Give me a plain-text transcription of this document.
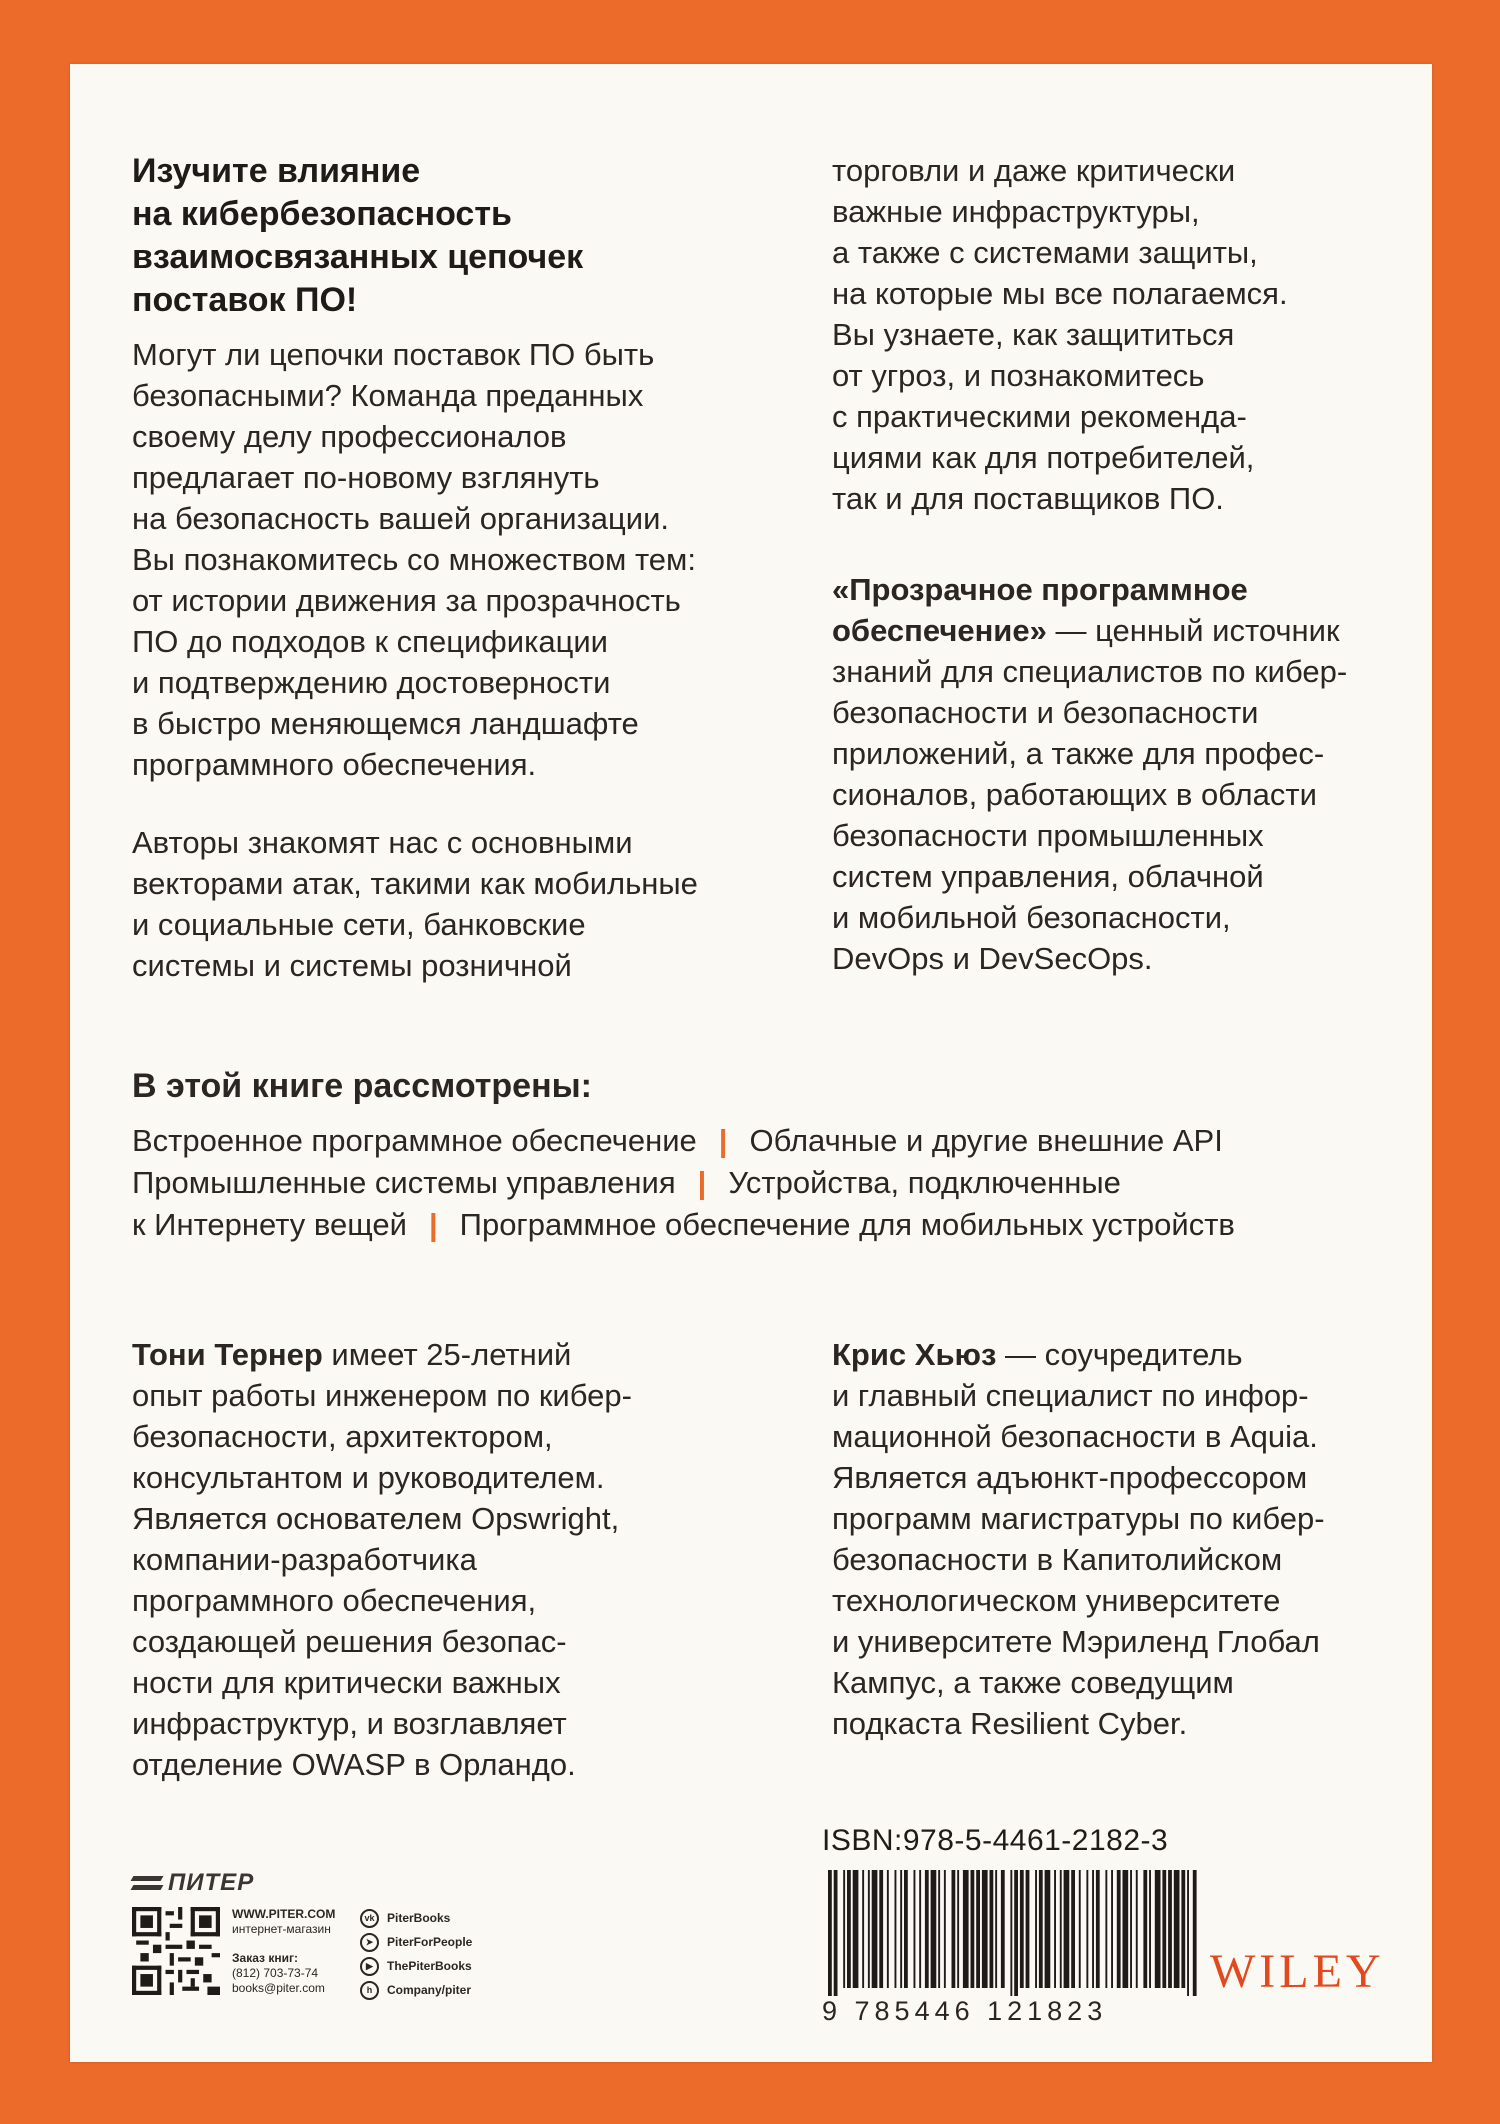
Изучите влияние
на кибербезопасность
взаимосвязанных цепочек
поставок ПО!
Могут ли цепочки поставок ПО быть
безопасными? Команда преданных
своему делу профессионалов
предлагает по-новому взглянуть
на безопасность вашей организации.
Вы познакомитесь со множеством тем:
от истории движения за прозрачность
ПО до подходов к спецификации
и подтверждению достоверности
в быстро меняющемся ландшафте
программного обеспечения.
Авторы знакомят нас с основными
векторами атак, такими как мобильные
и социальные сети, банковские
системы и системы розничной
торговли и даже критически
важные инфраструктуры,
а также с системами защиты,
на которые мы все полагаемся.
Вы узнаете, как защититься
от угроз, и познакомитесь
с практическими рекоменда-
циями как для потребителей,
так и для поставщиков ПО.
«Прозрачное программное
обеспечение» — ценный источник
знаний для специалистов по кибер-
безопасности и безопасности
приложений, а также для профес-
сионалов, работающих в области
безопасности промышленных
систем управления, облачной
и мобильной безопасности,
DevOps и DevSecOps.
В этой книге рассмотрены:
Встроенное программное обеспечение | Облачные и другие внешние API
Промышленные системы управления | Устройства, подключенные
к Интернету вещей | Программное обеспечение для мобильных устройств
Тони Тернер имеет 25-летний
опыт работы инженером по кибер-
безопасности, архитектором,
консультантом и руководителем.
Является основателем Opswright,
компании-разработчика
программного обеспечения,
создающей решения безопас-
ности для критически важных
инфраструктур, и возглавляет
отделение OWASP в Орландо.
Крис Хьюз — соучредитель
и главный специалист по инфор-
мационной безопасности в Aquia.
Является адъюнкт-профессором
программ магистратуры по кибер-
безопасности в Капитолийском
технологическом университете
и университете Мэриленд Глобал
Кампус, а также соведущим
подкаста Resilient Cyber.
ПИТЕР
WWW.PITER.COM
интернет-магазин
Заказ книг:
(812) 703-73-74
books@piter.com
vk	PiterBooks
➤	PiterForPeople
▶	ThePiterBooks
h	Company/piter
ISBN:978-5-4461-2182-3
9 785446 121823
WILEY
